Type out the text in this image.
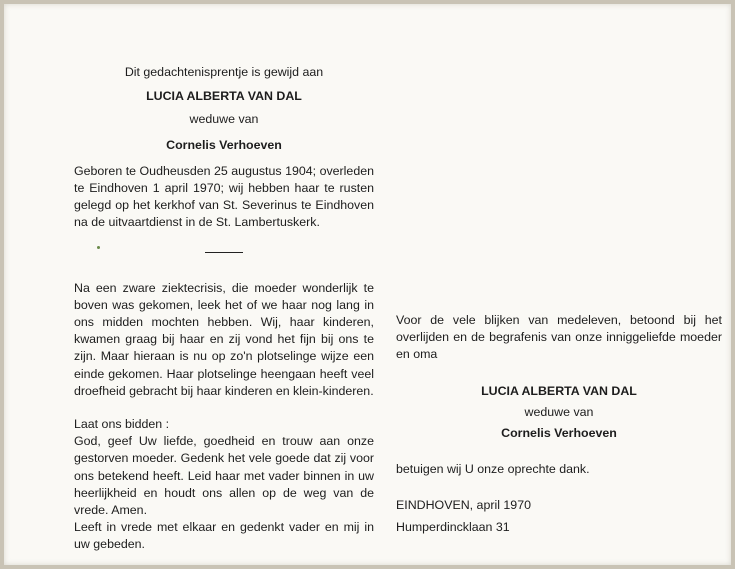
Dit gedachtenisprentje is gewijd aan

LUCIA ALBERTA VAN DAL

weduwe van

Cornelis Verhoeven

Geboren te Oudheusden 25 augustus 1904; overleden te Eindhoven 1 april 1970; wij hebben haar te rusten gelegd op het kerkhof van St. Severinus te Eindhoven na de uitvaartdienst in de St. Lambertuskerk.

Na een zware ziektecrisis, die moeder wonderlijk te boven was gekomen, leek het of we haar nog lang in ons midden mochten hebben. Wij, haar kinderen, kwamen graag bij haar en zij vond het fijn bij ons te zijn. Maar hieraan is nu op zo'n plotselinge wijze een einde gekomen. Haar plotselinge heengaan heeft veel droefheid gebracht bij haar kinderen en klein-kinderen.

Laat ons bidden :

God, geef Uw liefde, goedheid en trouw aan onze gestorven moeder. Gedenk het vele goede dat zij voor ons betekend heeft. Leid haar met vader binnen in uw heerlijkheid en houdt ons allen op de weg van de vrede. Amen.

Leeft in vrede met elkaar en gedenkt vader en mij in uw gebeden.

Voor de vele blijken van medeleven, betoond bij het overlijden en de begrafenis van onze inniggeliefde moeder en oma

LUCIA ALBERTA VAN DAL

weduwe van

Cornelis Verhoeven

betuigen wij U onze oprechte dank.

EINDHOVEN, april 1970

Humperdincklaan 31
